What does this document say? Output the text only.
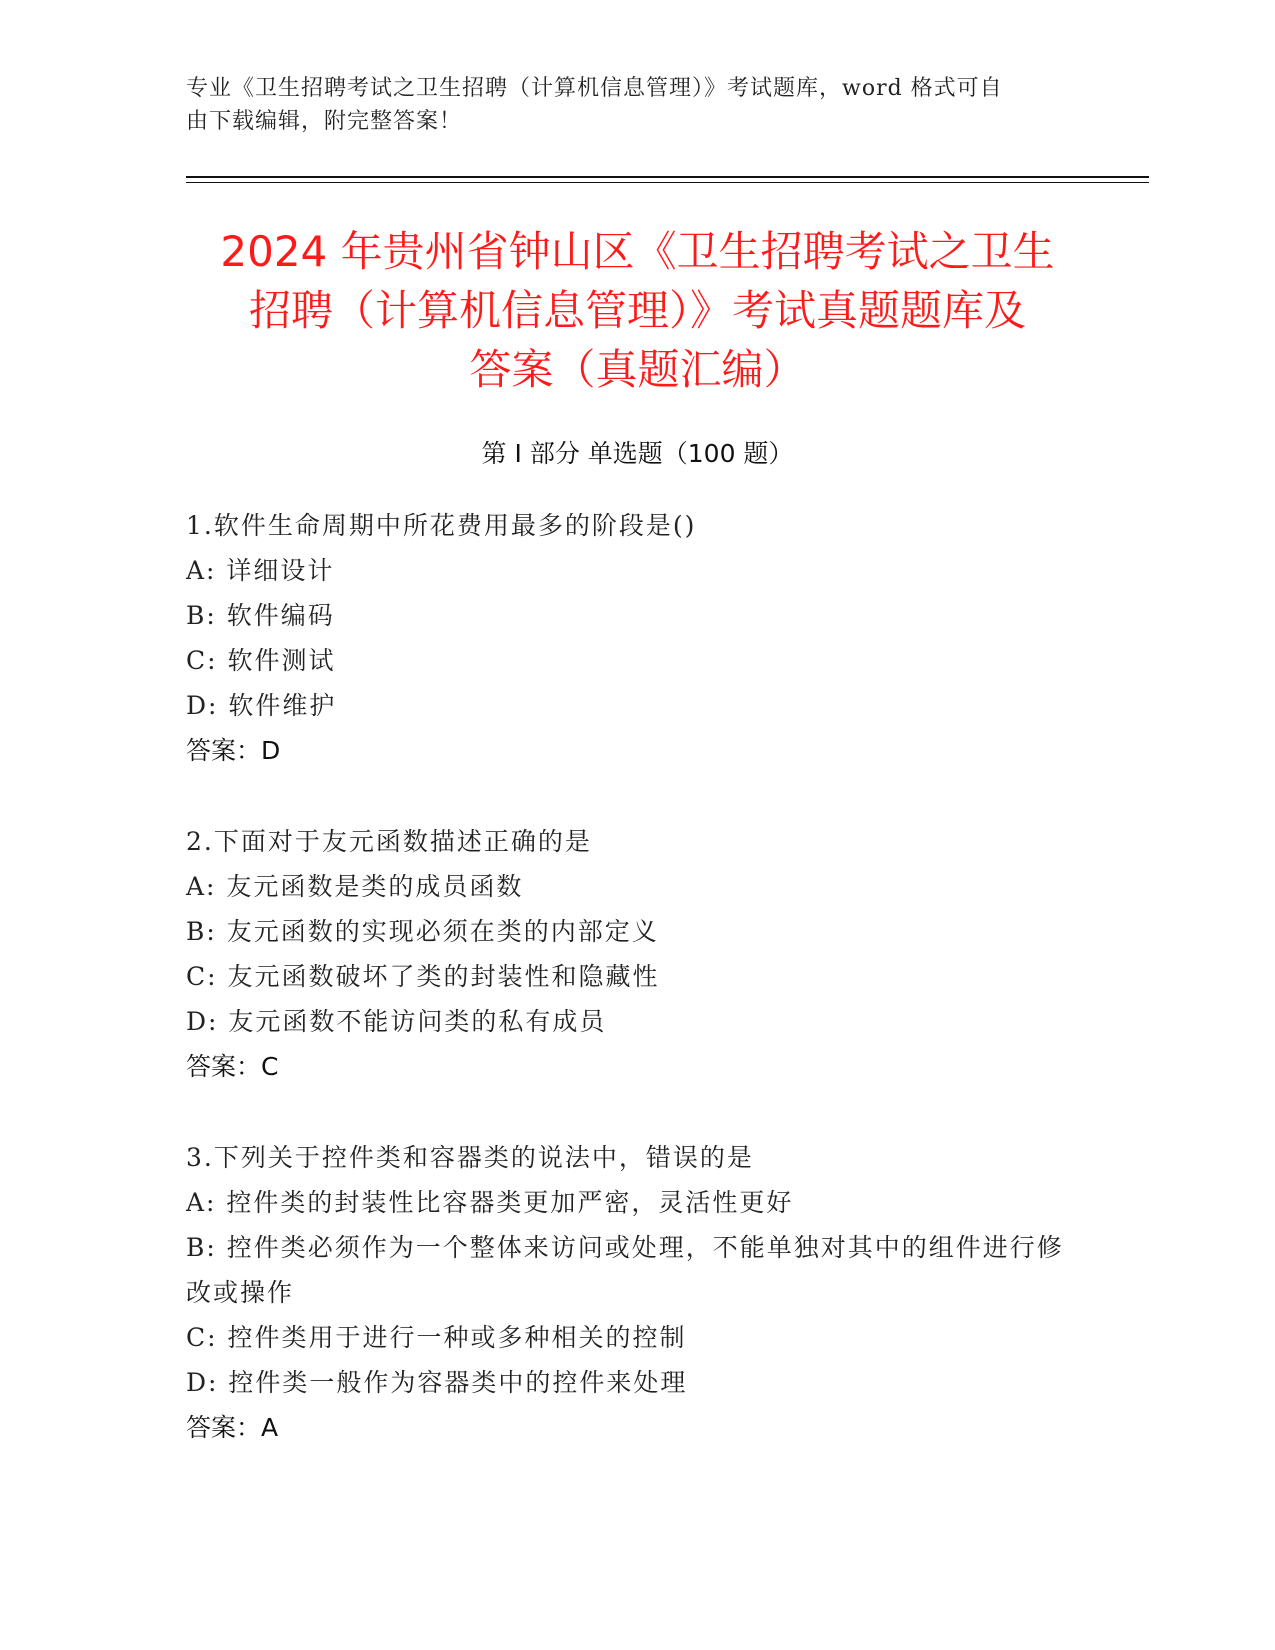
专业《卫生招聘考试之卫生招聘（计算机信息管理）》考试题库，word 格式可自
由下载编辑，附完整答案！
2024 年贵州省钟山区《卫生招聘考试之卫生
招聘（计算机信息管理）》考试真题题库及
答案（真题汇编）
第 I 部分 单选题（100 题）
1.软件生命周期中所花费用最多的阶段是()
A: 详细设计
B: 软件编码
C: 软件测试
D: 软件维护
答案：D
2.下面对于友元函数描述正确的是
A: 友元函数是类的成员函数
B: 友元函数的实现必须在类的内部定义
C: 友元函数破坏了类的封装性和隐藏性
D: 友元函数不能访问类的私有成员
答案：C
3.下列关于控件类和容器类的说法中，错误的是
A: 控件类的封装性比容器类更加严密，灵活性更好
B: 控件类必须作为一个整体来访问或处理，不能单独对其中的组件进行修改或操作
C: 控件类用于进行一种或多种相关的控制
D: 控件类一般作为容器类中的控件来处理
答案：A
